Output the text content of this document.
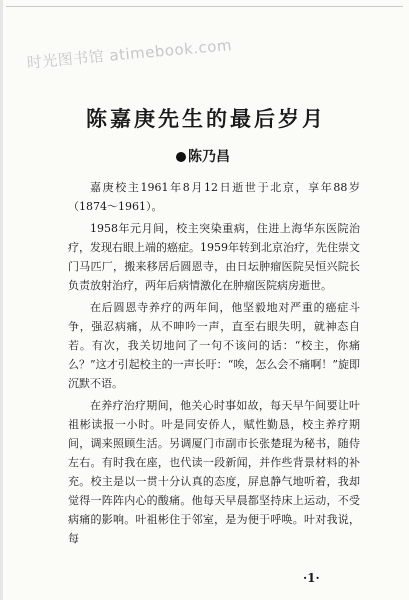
时光图书馆 atimebook.com
陈嘉庚先生的最后岁月
陈乃昌

嘉庚校主1961年8月12日逝世于北京，享年88岁（1874～1961）。

1958年元月间，校主突染重病，住进上海华东医院治疗，发现右眼上端的癌症。1959年转到北京治疗，先住崇文门马匹厂，搬来移居后圆恩寺，由日坛肿瘤医院吴恒兴院长负责放射治疗，两年后病情激化在肿瘤医院病房逝世。

在后圆恩寺养疗的两年间，他坚毅地对严重的癌症斗争，强忍病痛，从不呻吟一声，直至右眼失明，就神态自若。有次，我关切地问了一句不该问的话：“校主，你痛么？”这才引起校主的一声长吁：“唉，怎么会不痛啊！”旋即沉默不语。

在养疗治疗期间，他关心时事如故，每天早午间要让叶祖彬读报一小时。叶是同安侨人，赋性勤恳，校主养疗期间，调来照顾生活。另调厦门市副市长张楚琨为秘书，随侍左右。有时我在座，也代读一段新闻，并作些背景材料的补充。校主是以一贯十分认真的态度，屏息静气地听着，我却觉得一阵阵内心的酸痛。他每天早晨都坚持床上运动，不受病痛的影响。叶祖彬住于邻室，是为便于呼唤。叶对我说，每

·1·
